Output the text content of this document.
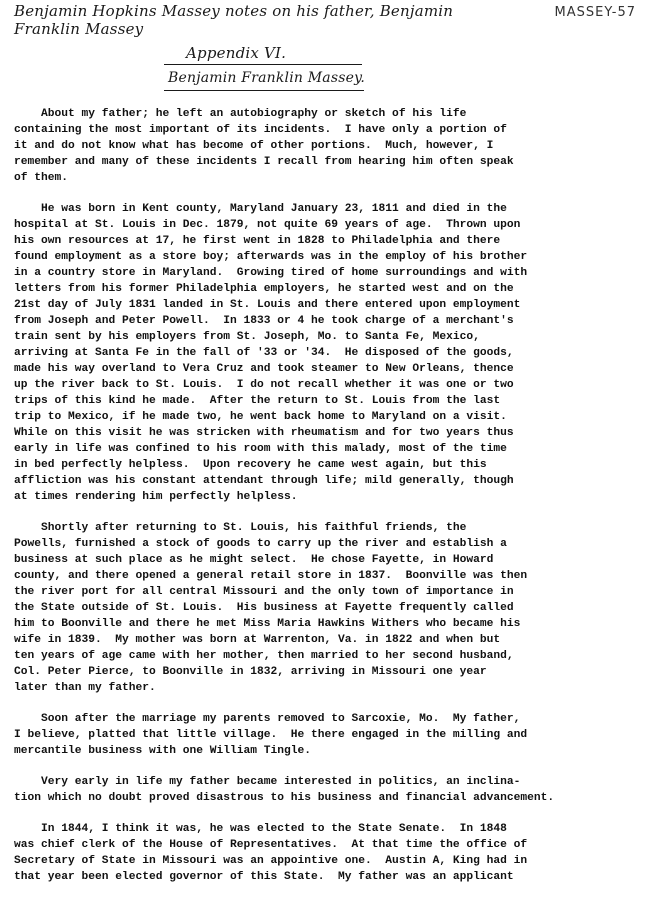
Benjamin Hopkins Massey notes on his father, Benjamin
Franklin Massey
MASSEY-57
Appendix VI.
Benjamin Franklin Massey.
About my father; he left an autobiography or sketch of his life
containing the most important of its incidents.  I have only a portion of
it and do not know what has become of other portions.  Much, however, I
remember and many of these incidents I recall from hearing him often speak
of them.
He was born in Kent county, Maryland January 23, 1811 and died in the
hospital at St. Louis in Dec. 1879, not quite 69 years of age.  Thrown upon
his own resources at 17, he first went in 1828 to Philadelphia and there
found employment as a store boy; afterwards was in the employ of his brother
in a country store in Maryland.  Growing tired of home surroundings and with
letters from his former Philadelphia employers, he started west and on the
21st day of July 1831 landed in St. Louis and there entered upon employment
from Joseph and Peter Powell.  In 1833 or 4 he took charge of a merchant's
train sent by his employers from St. Joseph, Mo. to Santa Fe, Mexico,
arriving at Santa Fe in the fall of '33 or '34.  He disposed of the goods,
made his way overland to Vera Cruz and took steamer to New Orleans, thence
up the river back to St. Louis.  I do not recall whether it was one or two
trips of this kind he made.  After the return to St. Louis from the last
trip to Mexico, if he made two, he went back home to Maryland on a visit.
While on this visit he was stricken with rheumatism and for two years thus
early in life was confined to his room with this malady, most of the time
in bed perfectly helpless.  Upon recovery he came west again, but this
affliction was his constant attendant through life; mild generally, though
at times rendering him perfectly helpless.
Shortly after returning to St. Louis, his faithful friends, the
Powells, furnished a stock of goods to carry up the river and establish a
business at such place as he might select.  He chose Fayette, in Howard
county, and there opened a general retail store in 1837.  Boonville was then
the river port for all central Missouri and the only town of importance in
the State outside of St. Louis.  His business at Fayette frequently called
him to Boonville and there he met Miss Maria Hawkins Withers who became his
wife in 1839.  My mother was born at Warrenton, Va. in 1822 and when but
ten years of age came with her mother, then married to her second husband,
Col. Peter Pierce, to Boonville in 1832, arriving in Missouri one year
later than my father.
Soon after the marriage my parents removed to Sarcoxie, Mo.  My father,
I believe, platted that little village.  He there engaged in the milling and
mercantile business with one William Tingle.
Very early in life my father became interested in politics, an inclina-
tion which no doubt proved disastrous to his business and financial advancement.
In 1844, I think it was, he was elected to the State Senate.  In 1848
was chief clerk of the House of Representatives.  At that time the office of
Secretary of State in Missouri was an appointive one.  Austin A, King had in
that year been elected governor of this State.  My father was an applicant
